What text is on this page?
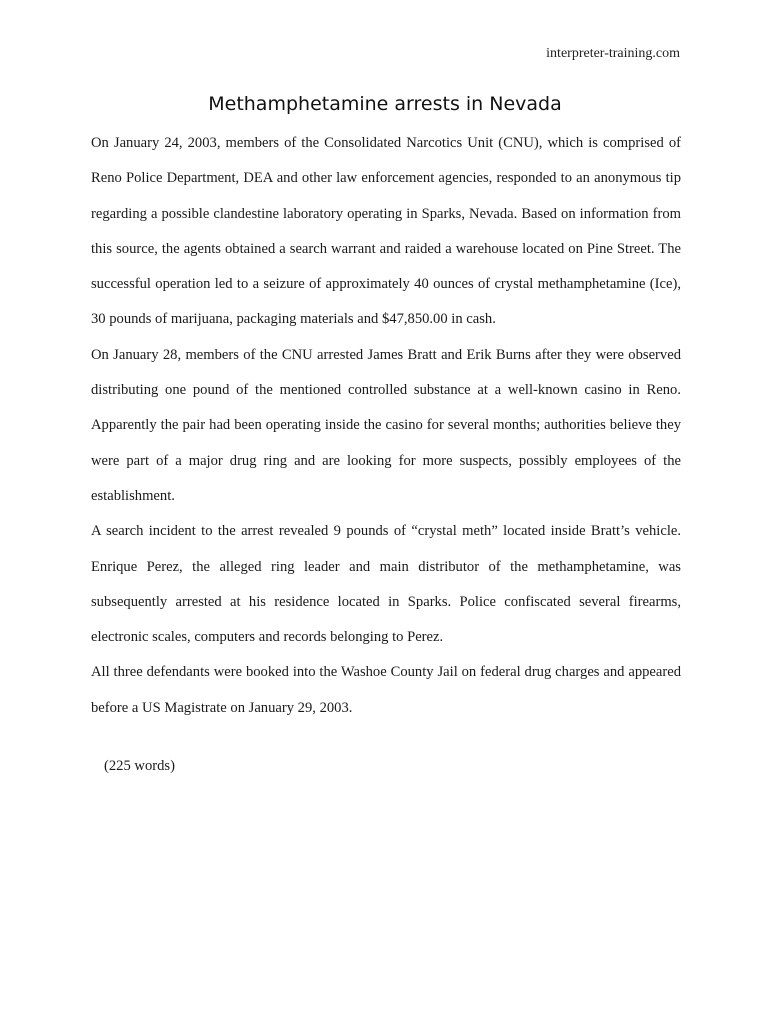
interpreter-training.com
Methamphetamine arrests in Nevada

On January 24, 2003, members of the Consolidated Narcotics Unit (CNU), which is comprised of Reno Police Department, DEA and other law enforcement agencies, responded to an anonymous tip regarding a possible clandestine laboratory operating in Sparks, Nevada. Based on information from this source, the agents obtained a search warrant and raided a warehouse located on Pine Street. The successful operation led to a seizure of approximately 40 ounces of crystal methamphetamine (Ice), 30 pounds of marijuana, packaging materials and $47,850.00 in cash.

On January 28, members of the CNU arrested James Bratt and Erik Burns after they were observed distributing one pound of the mentioned controlled substance at a well-known casino in Reno. Apparently the pair had been operating inside the casino for several months; authorities believe they were part of a major drug ring and are looking for more suspects, possibly employees of the establishment.

A search incident to the arrest revealed 9 pounds of “crystal meth” located inside Bratt’s vehicle. Enrique Perez, the alleged ring leader and main distributor of the methamphetamine, was subsequently arrested at his residence located in Sparks. Police confiscated several firearms, electronic scales, computers and records belonging to Perez.

All three defendants were booked into the Washoe County Jail on federal drug charges and appeared before a US Magistrate on January 29, 2003.

(225 words)
